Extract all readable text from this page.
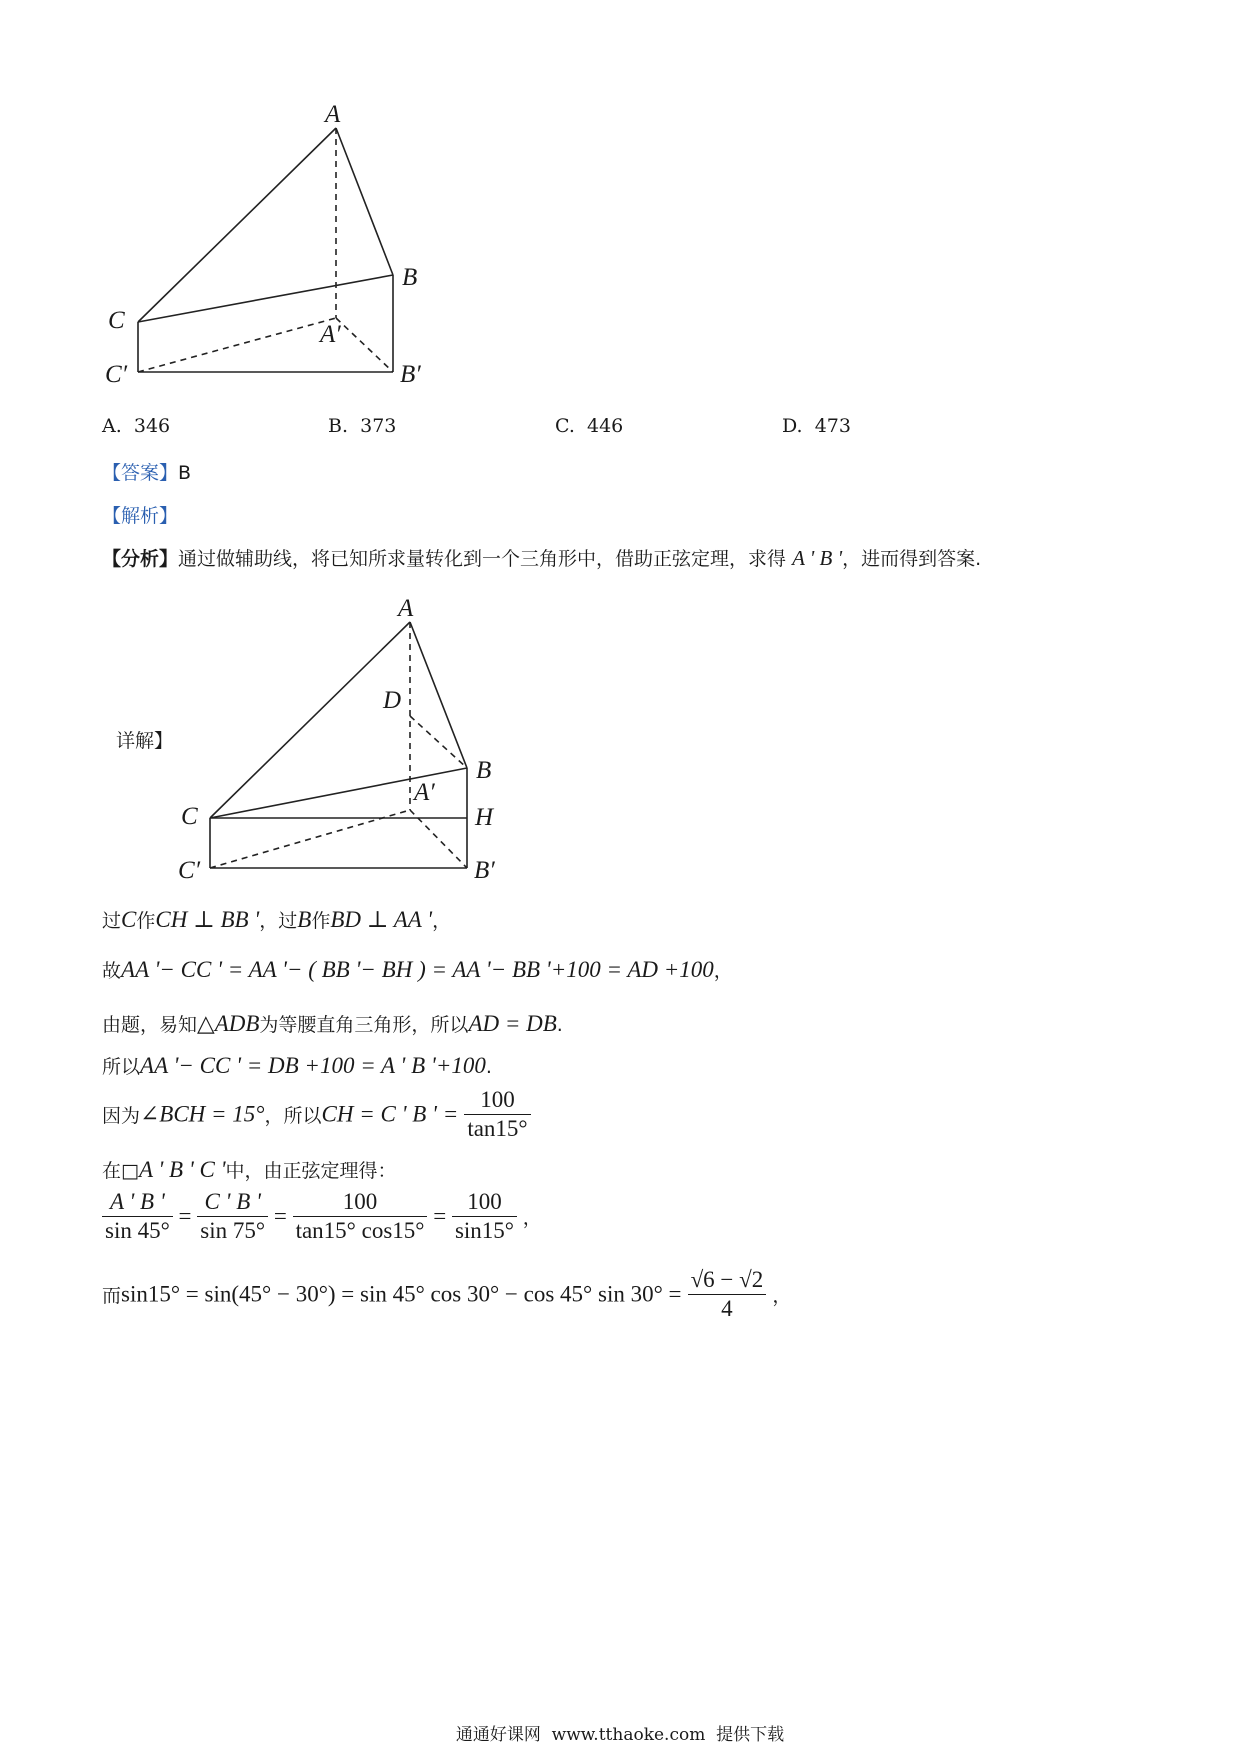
A
B
C
A′
C′	B′
A. 346	B. 373	C. 446	D. 473
【答案】B
【解析】
【分析】通过做辅助线，将已知所求量转化到一个三角形中，借助正弦定理，求得 A ' B '，进而得到答案.
详解】
A
D
B
A′
C	H
C′	B′
过C作CH ⊥ BB '，过B作BD ⊥ AA '，
故AA '− CC ' = AA '− ( BB '− BH ) = AA '− BB '+100 = AD +100，
由题，易知△ADB为等腰直角三角形，所以AD = DB.
所以AA '− CC ' = DB +100 = A ' B '+100.
因为∠BCH = 15°，所以CH = C ' B ' = $\frac{100}{\tan 15^\circ}$
在□A ' B ' C '中，由正弦定理得：
$\frac{A ' B '}{\sin 45^\circ} = \frac{C ' B '}{\sin 75^\circ} = \frac{100}{\tan 15^\circ \cos 15^\circ} = \frac{100}{\sin 15^\circ}$ ，
而sin15° = sin(45° − 30°) = sin 45° cos 30° − cos 45° $\sin 30^\circ = \frac{√6 - √2}{4}$ ，
通通好课网  www.tthaoke.com  提供下载
